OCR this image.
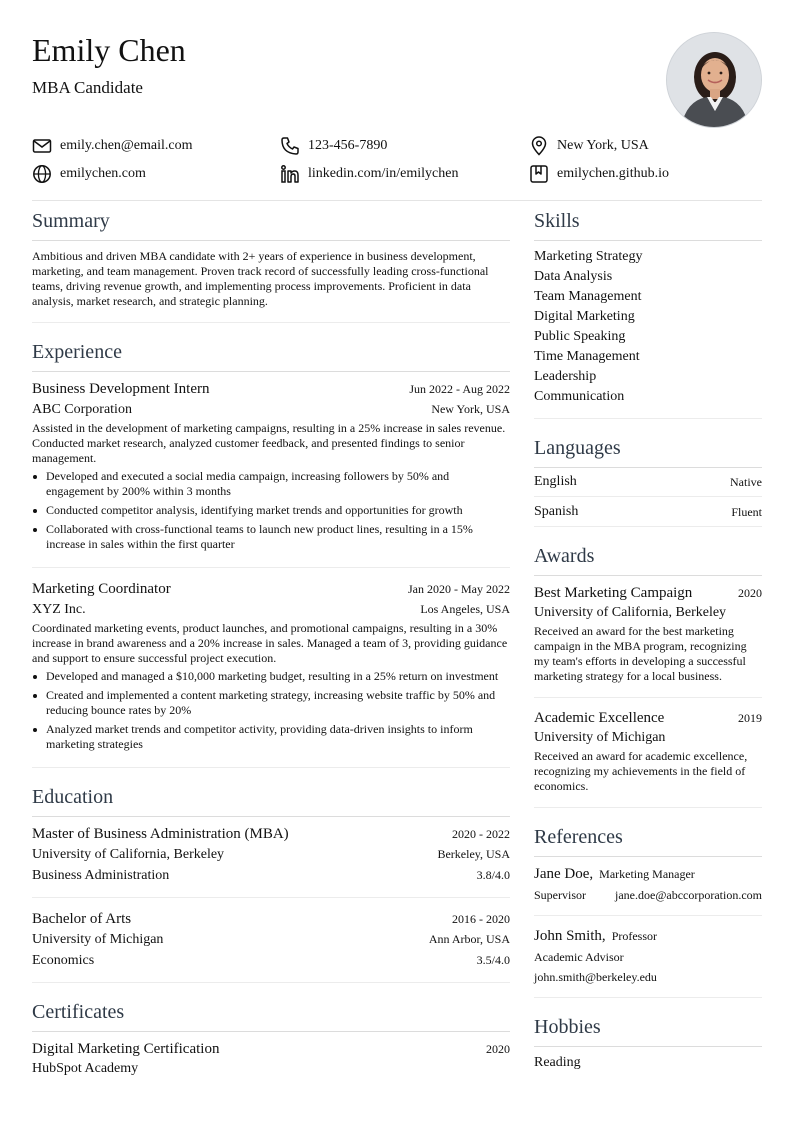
Emily Chen
MBA Candidate
emily.chen@email.com	123-456-7890	New York, USA
emilychen.com	linkedin.com/in/emilychen	emilychen.github.io
Summary

Ambitious and driven MBA candidate with 2+ years of experience in business development, marketing, and team management. Proven track record of successfully leading cross-functional teams, driving revenue growth, and implementing process improvements. Proficient in data analysis, market research, and strategic planning.

Experience
Business Development Intern	Jun 2022 - Aug 2022
ABC Corporation	New York, USA

Assisted in the development of marketing campaigns, resulting in a 25% increase in sales revenue. Conducted market research, analyzed customer feedback, and presented findings to senior management.

Developed and executed a social media campaign, increasing followers by 50% and engagement by 200% within 3 months
Conducted competitor analysis, identifying market trends and opportunities for growth
Collaborated with cross-functional teams to launch new product lines, resulting in a 15% increase in sales within the first quarter
Marketing Coordinator	Jan 2020 - May 2022
XYZ Inc.	Los Angeles, USA

Coordinated marketing events, product launches, and promotional campaigns, resulting in a 30% increase in brand awareness and a 20% increase in sales. Managed a team of 3, providing guidance and support to ensure successful project execution.

Developed and managed a $10,000 marketing budget, resulting in a 25% return on investment
Created and implemented a content marketing strategy, increasing website traffic by 50% and reducing bounce rates by 20%
Analyzed market trends and competitor activity, providing data-driven insights to inform marketing strategies
Education
Master of Business Administration (MBA)	2020 - 2022
University of California, Berkeley	Berkeley, USA
Business Administration	3.8/4.0
Bachelor of Arts	2016 - 2020
University of Michigan	Ann Arbor, USA
Economics	3.5/4.0
Certificates
Digital Marketing Certification	2020
HubSpot Academy
Skills
Marketing Strategy
Data Analysis
Team Management
Digital Marketing
Public Speaking
Time Management
Leadership
Communication
Languages
English	Native
Spanish	Fluent
Awards
Best Marketing Campaign	2020
University of California, Berkeley

Received an award for the best marketing campaign in the MBA program, recognizing my team's efforts in developing a successful marketing strategy for a local business.

Academic Excellence	2019
University of Michigan

Received an award for academic excellence, recognizing my achievements in the field of economics.

References
Jane Doe, Marketing Manager
Supervisor jane.doe@abccorporation.com
John Smith, Professor
Academic Advisor
john.smith@berkeley.edu
Hobbies
Reading
